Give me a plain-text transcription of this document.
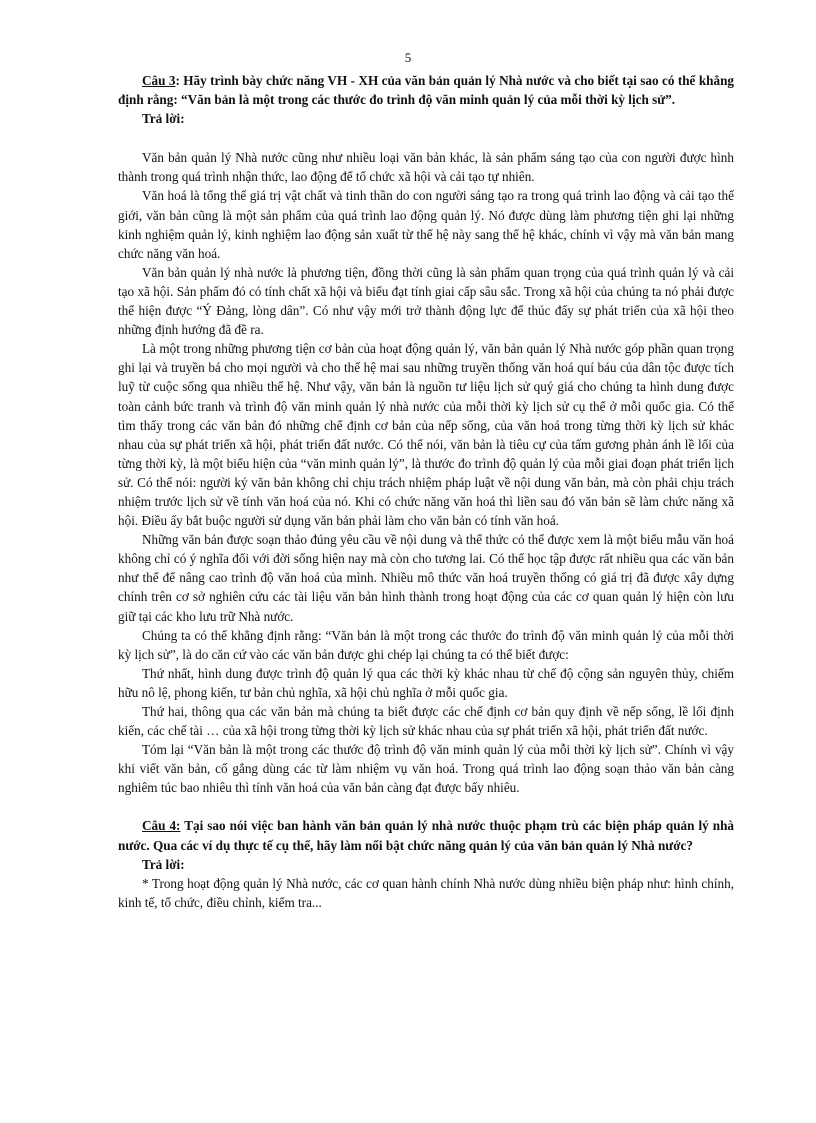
5

Câu 3: Hãy trình bày chức năng VH - XH của văn bản quản lý Nhà nước và cho biết tại sao có thể khẳng định rằng: “Văn bản là một trong các thước đo trình độ văn minh quản lý của mỗi thời kỳ lịch sử”.

Trả lời:

Văn bản quản lý Nhà nước cũng như nhiều loại văn bản khác, là sản phẩm sáng tạo của con người được hình thành trong quá trình nhận thức, lao động để tổ chức xã hội và cải tạo tự nhiên.

Văn hoá là tổng thể giá trị vật chất và tinh thần do con người sáng tạo ra trong quá trình lao động và cải tạo thế giới, văn bản cũng là một sản phẩm của quá trình lao động quản lý. Nó được dùng làm phương tiện ghi lại những kinh nghiệm quản lý, kinh nghiệm lao động sản xuất từ thế hệ này sang thế hệ khác, chính vì vậy mà văn bản mang chức năng văn hoá.

Văn bản quản lý nhà nước là phương tiện, đồng thời cũng là sản phẩm quan trọng của quá trình quản lý và cải tạo xã hội. Sản phẩm đó có tính chất xã hội và biểu đạt tính giai cấp sâu sắc. Trong xã hội của chúng ta nó phải được thể hiện được “Ý Đảng, lòng dân”. Có như vậy mới trở thành động lực để thúc đẩy sự phát triển của xã hội theo những định hướng đã đề ra.

Là một trong những phương tiện cơ bản của hoạt động quản lý, văn bản quản lý Nhà nước góp phần quan trọng ghi lại và truyền bá cho mọi người và cho thế hệ mai sau những truyền thống văn hoá quí báu của dân tộc được tích luỹ từ cuộc sống qua nhiều thế hệ. Như vậy, văn bản là nguồn tư liệu lịch sử quý giá cho chúng ta hình dung được toàn cảnh bức tranh và trình độ văn minh quản lý nhà nước của mỗi thời kỳ lịch sử cụ thể ở mỗi quốc gia. Có thể tìm thấy trong các văn bản đó những chế định cơ bản của nếp sống, của văn hoá trong từng thời kỳ lịch sử khác nhau của sự phát triển xã hội, phát triển đất nước. Có thể nói, văn bản là tiêu cự của tấm gương phản ánh lề lối của từng thời kỳ, là một biểu hiện của “văn minh quản lý”, là thước đo trình độ quản lý của mỗi giai đoạn phát triển lịch sử. Có thể nói: người ký văn bản không chỉ chịu trách nhiệm pháp luật về nội dung văn bản, mà còn phải chịu trách nhiệm trước lịch sử về tính văn hoá của nó. Khi có chức năng văn hoá thì liền sau đó văn bản sẽ làm chức năng xã hội. Điều ấy bắt buộc người sử dụng văn bản phải làm cho văn bản có tính văn hoá.

Những văn bản được soạn thảo đúng yêu cầu về nội dung và thể thức có thể được xem là một biểu mẫu văn hoá không chỉ có ý nghĩa đối với đời sống hiện nay mà còn cho tương lai. Có thể học tập được rất nhiều qua các văn bản như thế để nâng cao trình độ văn hoá của mình. Nhiều mô thức văn hoá truyền thống có giá trị đã được xây dựng chính trên cơ sở nghiên cứu các tài liệu văn bản hình thành trong hoạt động của các cơ quan quản lý hiện còn lưu giữ tại các kho lưu trữ Nhà nước.

Chúng ta có thể khẳng định rằng: “Văn bản là một trong các thước đo trình độ văn minh quản lý của mỗi thời kỳ lịch sử”, là do căn cứ vào các văn bản được ghi chép lại chúng ta có thể biết được:

Thứ nhất, hình dung được trình độ quản lý qua các thời kỳ khác nhau từ chế độ cộng sản nguyên thủy, chiếm hữu nô lệ, phong kiến, tư bản chủ nghĩa, xã hội chủ nghĩa ở mỗi quốc gia.

Thứ hai, thông qua các văn bản mà chúng ta biết được các chế định cơ bản quy định về nếp sống, lề lối định kiến, các chế tài … của xã hội trong từng thời kỳ lịch sử khác nhau của sự phát triển xã hội, phát triển đất nước.

Tóm lại “Văn bản là một trong các thước độ trình độ văn minh quản lý của mỗi thời kỳ lịch sử”. Chính vì vậy khi viết văn bản, cố gắng dùng các từ làm nhiệm vụ văn hoá. Trong quá trình lao động soạn thảo văn bản càng nghiêm túc bao nhiêu thì tính văn hoá của văn bản càng đạt được bấy nhiêu.

Câu 4: Tại sao nói việc ban hành văn bản quản lý nhà nước thuộc phạm trù các biện pháp quản lý nhà nước. Qua các ví dụ thực tế cụ thể, hãy làm nổi bật chức năng quản lý của văn bản quản lý Nhà nước?

Trả lời:

* Trong hoạt động quản lý Nhà nước, các cơ quan hành chính Nhà nước dùng nhiều biện pháp như: hình chính, kinh tế, tổ chức, điều chỉnh, kiểm tra...
